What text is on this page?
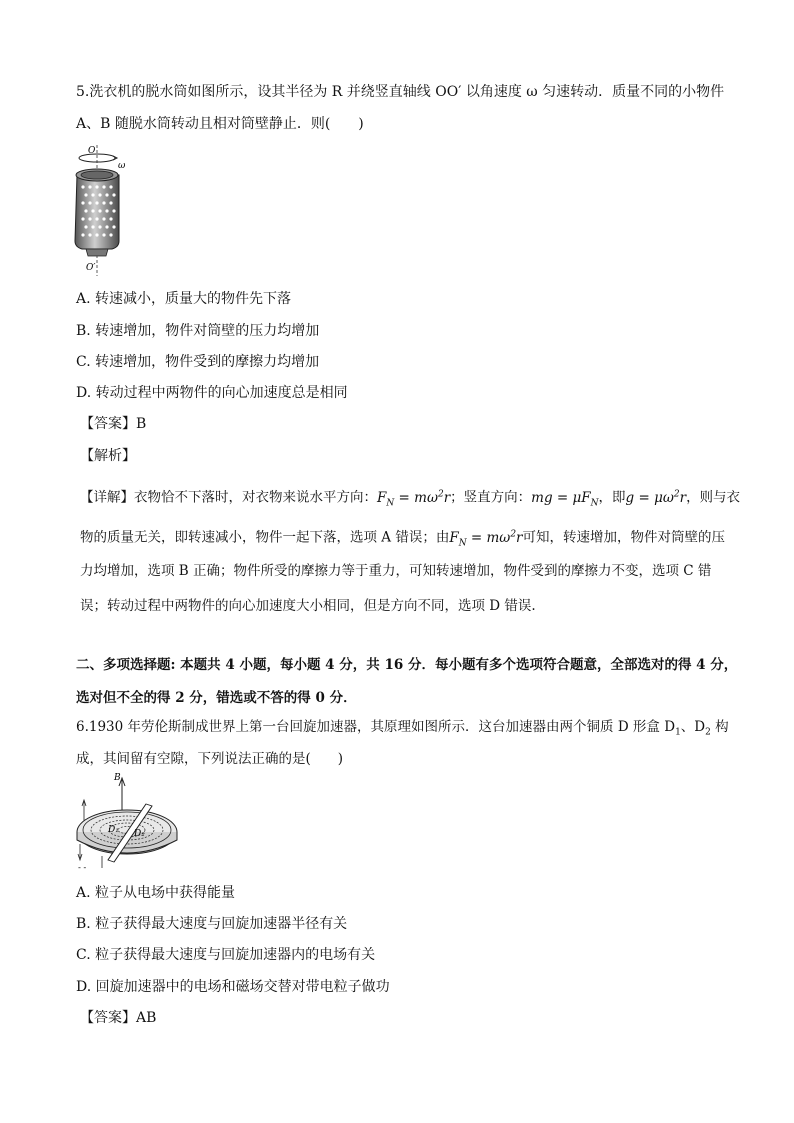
5.洗衣机的脱水筒如图所示，设其半径为 R 并绕竖直轴线 OO′ 以角速度 ω 匀速转动．质量不同的小物件
A、B 随脱水筒转动且相对筒壁静止．则(　　)
O
ω
O′
A. 转速减小，质量大的物件先下落
B. 转速增加，物件对筒壁的压力均增加
C. 转速增加，物件受到的摩擦力均增加
D. 转动过程中两物件的向心加速度总是相同
【答案】B
【解析】
【详解】衣物恰不下落时，对衣物来说水平方向：$F_N = m\omega^2r$；竖直方向：mg = $\mu F_N$，即$g = \mu\omega^2r$，则与衣
物的质量无关，即转速减小，物件一起下落，选项 A 错误；由$F_N = m\omega^2r$可知，转速增加，物件对筒壁的压
力均增加，选项 B 正确；物件所受的摩擦力等于重力，可知转速增加，物件受到的摩擦力不变，选项 C 错
误；转动过程中两物件的向心加速度大小相同，但是方向不同，选项 D 错误.
二、多项选择题: 本题共 4 小题，每小题 4 分，共 16 分．每小题有多个选项符合题意，全部选对的得 4 分，
选对但不全的得 2 分，错选或不答的得 0 分．
6.1930 年劳伦斯制成世界上第一台回旋加速器，其原理如图所示．这台加速器由两个铜质 D 形盒 $D_1$、$D_2$ 构
成，其间留有空隙，下列说法正确的是(　　)
B
D₁ D₂
- -
A. 粒子从电场中获得能量
B. 粒子获得最大速度与回旋加速器半径有关
C. 粒子获得最大速度与回旋加速器内的电场有关
D. 回旋加速器中的电场和磁场交替对带电粒子做功
【答案】AB
